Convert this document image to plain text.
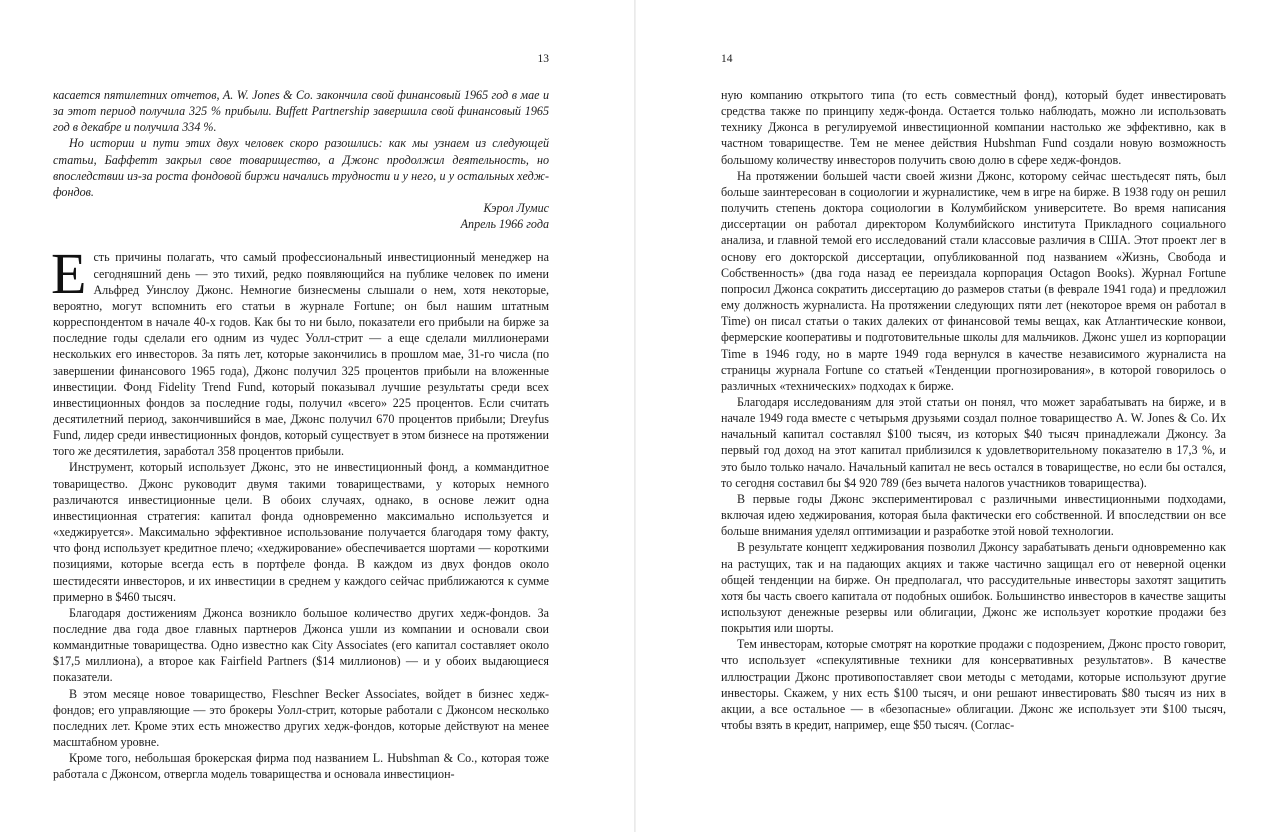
13

касается пятилетних отчетов, A. W. Jones & Co. закончила свой финансовый 1965 год в мае и за этот период получила 325 % прибыли. Buffett Partnership завершила свой финансовый 1965 год в декабре и получила 334 %.

Но истории и пути этих двух человек скоро разошлись: как мы узнаем из следующей статьи, Баффетт закрыл свое товарищество, а Джонс продолжил деятельность, но впоследствии из-за роста фондовой биржи начались трудности и у него, и у остальных хедж-фондов.

Кэрол Лумис

Апрель 1966 года

Е сть причины полагать, что самый профессиональный инвестиционный менеджер на сегодняшний день — это тихий, редко появляющийся на публике человек по имени Альфред Уинслоу Джонс. Немногие бизнесмены слышали о нем, хотя некоторые, вероятно, могут вспомнить его статьи в журнале Fortune; он был нашим штатным корреспондентом в начале 40-х годов. Как бы то ни было, показатели его прибыли на бирже за последние годы сделали его одним из чудес Уолл-стрит — а еще сделали миллионерами нескольких его инвесторов. За пять лет, которые закончились в прошлом мае, 31-го числа (по завершении финансового 1965 года), Джонс получил 325 процентов прибыли на вложенные инвестиции. Фонд Fidelity Trend Fund, который показывал лучшие результаты среди всех инвестиционных фондов за последние годы, получил «всего» 225 процентов. Если считать десятилетний период, закончившийся в мае, Джонс получил 670 процентов прибыли; Dreyfus Fund, лидер среди инвестиционных фондов, который существует в этом бизнесе на протяжении того же десятилетия, заработал 358 процентов прибыли.

Инструмент, который использует Джонс, это не инвестиционный фонд, а коммандитное товарищество. Джонс руководит двумя такими товариществами, у которых немного различаются инвестиционные цели. В обоих случаях, однако, в основе лежит одна инвестиционная стратегия: капитал фонда одновременно максимально используется и «хеджируется». Максимально эффективное использование получается благодаря тому факту, что фонд использует кредитное плечо; «хеджирование» обеспечивается шортами — короткими позициями, которые всегда есть в портфеле фонда. В каждом из двух фондов около шестидесяти инвесторов, и их инвестиции в среднем у каждого сейчас приближаются к сумме примерно в $460 тысяч.

Благодаря достижениям Джонса возникло большое количество других хедж-фондов. За последние два года двое главных партнеров Джонса ушли из компании и основали свои коммандитные товарищества. Одно известно как City Associates (его капитал составляет около $17,5 миллиона), а второе как Fairfield Partners ($14 миллионов) — и у обоих выдающиеся показатели.

В этом месяце новое товарищество, Fleschner Becker Associates, войдет в бизнес хедж-фондов; его управляющие — это брокеры Уолл-стрит, которые работали с Джонсом несколько последних лет. Кроме этих есть множество других хедж-фондов, которые действуют на менее масштабном уровне.

Кроме того, небольшая брокерская фирма под названием L. Hubshman & Co., которая тоже работала с Джонсом, отвергла модель товарищества и основала инвестицион-

14

ную компанию открытого типа (то есть совместный фонд), который будет инвестировать средства также по принципу хедж-фонда. Остается только наблюдать, можно ли использовать технику Джонса в регулируемой инвестиционной компании настолько же эффективно, как в частном товариществе. Тем не менее действия Hubshman Fund создали новую возможность большому количеству инвесторов получить свою долю в сфере хедж-фондов.

На протяжении большей части своей жизни Джонс, которому сейчас шестьдесят пять, был больше заинтересован в социологии и журналистике, чем в игре на бирже. В 1938 году он решил получить степень доктора социологии в Колумбийском университете. Во время написания диссертации он работал директором Колумбийского института Прикладного социального анализа, и главной темой его исследований стали классовые различия в США. Этот проект лег в основу его докторской диссертации, опубликованной под названием «Жизнь, Свобода и Собственность» (два года назад ее переиздала корпорация Octagon Books). Журнал Fortune попросил Джонса сократить диссертацию до размеров статьи (в феврале 1941 года) и предложил ему должность журналиста. На протяжении следующих пяти лет (некоторое время он работал в Time) он писал статьи о таких далеких от финансовой темы вещах, как Атлантические конвои, фермерские кооперативы и подготовительные школы для мальчиков. Джонс ушел из корпорации Time в 1946 году, но в марте 1949 года вернулся в качестве независимого журналиста на страницы журнала Fortune со статьей «Тенденции прогнозирования», в которой говорилось о различных «технических» подходах к бирже.

Благодаря исследованиям для этой статьи он понял, что может зарабатывать на бирже, и в начале 1949 года вместе с четырьмя друзьями создал полное товарищество A. W. Jones & Co. Их начальный капитал составлял $100 тысяч, из которых $40 тысяч принадлежали Джонсу. За первый год доход на этот капитал приблизился к удовлетворительному показателю в 17,3 %, и это было только начало. Начальный капитал не весь остался в товариществе, но если бы остался, то сегодня составил бы $4 920 789 (без вычета налогов участников товарищества).

В первые годы Джонс экспериментировал с различными инвестиционными подходами, включая идею хеджирования, которая была фактически его собственной. И впоследствии он все больше внимания уделял оптимизации и разработке этой новой технологии.

В результате концепт хеджирования позволил Джонсу зарабатывать деньги одновременно как на растущих, так и на падающих акциях и также частично защищал его от неверной оценки общей тенденции на бирже. Он предполагал, что рассудительные инвесторы захотят защитить хотя бы часть своего капитала от подобных ошибок. Большинство инвесторов в качестве защиты используют денежные резервы или облигации, Джонс же использует короткие продажи без покрытия или шорты.

Тем инвесторам, которые смотрят на короткие продажи с подозрением, Джонс просто говорит, что использует «спекулятивные техники для консервативных результатов». В качестве иллюстрации Джонс противопоставляет свои методы с методами, которые используют другие инвесторы. Скажем, у них есть $100 тысяч, и они решают инвестировать $80 тысяч из них в акции, а все остальное — в «безопасные» облигации. Джонс же использует эти $100 тысяч, чтобы взять в кредит, например, еще $50 тысяч. (Соглас-
